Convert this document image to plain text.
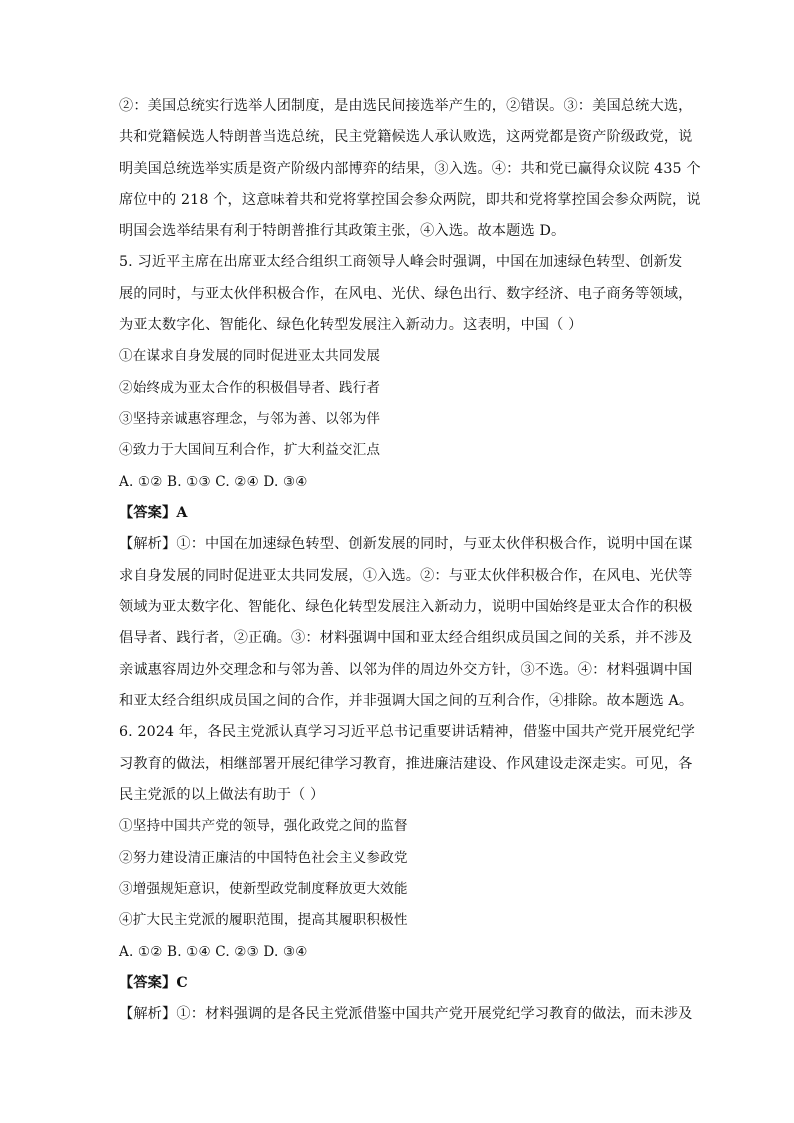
②：美国总统实行选举人团制度，是由选民间接选举产生的，②错误。③：美国总统大选，
共和党籍候选人特朗普当选总统，民主党籍候选人承认败选，这两党都是资产阶级政党，说
明美国总统选举实质是资产阶级内部博弈的结果，③入选。④：共和党已赢得众议院 435 个
席位中的 218 个，这意味着共和党将掌控国会参众两院，即共和党将掌控国会参众两院，说
明国会选举结果有利于特朗普推行其政策主张，④入选。故本题选 D。
5. 习近平主席在出席亚太经合组织工商领导人峰会时强调，中国在加速绿色转型、创新发
展的同时，与亚太伙伴积极合作，在风电、光伏、绿色出行、数字经济、电子商务等领域，
为亚太数字化、智能化、绿色化转型发展注入新动力。这表明，中国（ ）
①在谋求自身发展的同时促进亚太共同发展
②始终成为亚太合作的积极倡导者、践行者
③坚持亲诚惠容理念，与邻为善、以邻为伴
④致力于大国间互利合作，扩大利益交汇点
A. ①② B. ①③ C. ②④ D. ③④
【答案】A
【解析】①：中国在加速绿色转型、创新发展的同时，与亚太伙伴积极合作，说明中国在谋
求自身发展的同时促进亚太共同发展，①入选。②：与亚太伙伴积极合作，在风电、光伏等
领域为亚太数字化、智能化、绿色化转型发展注入新动力，说明中国始终是亚太合作的积极
倡导者、践行者，②正确。③：材料强调中国和亚太经合组织成员国之间的关系，并不涉及
亲诚惠容周边外交理念和与邻为善、以邻为伴的周边外交方针，③不选。④：材料强调中国
和亚太经合组织成员国之间的合作，并非强调大国之间的互利合作，④排除。故本题选 A。
6. 2024 年，各民主党派认真学习习近平总书记重要讲话精神，借鉴中国共产党开展党纪学
习教育的做法，相继部署开展纪律学习教育，推进廉洁建设、作风建设走深走实。可见，各
民主党派的以上做法有助于（ ）
①坚持中国共产党的领导，强化政党之间的监督
②努力建设清正廉洁的中国特色社会主义参政党
③增强规矩意识，使新型政党制度释放更大效能
④扩大民主党派的履职范围，提高其履职积极性
A. ①② B. ①④ C. ②③ D. ③④
【答案】C
【解析】①：材料强调的是各民主党派借鉴中国共产党开展党纪学习教育的做法，而未涉及
